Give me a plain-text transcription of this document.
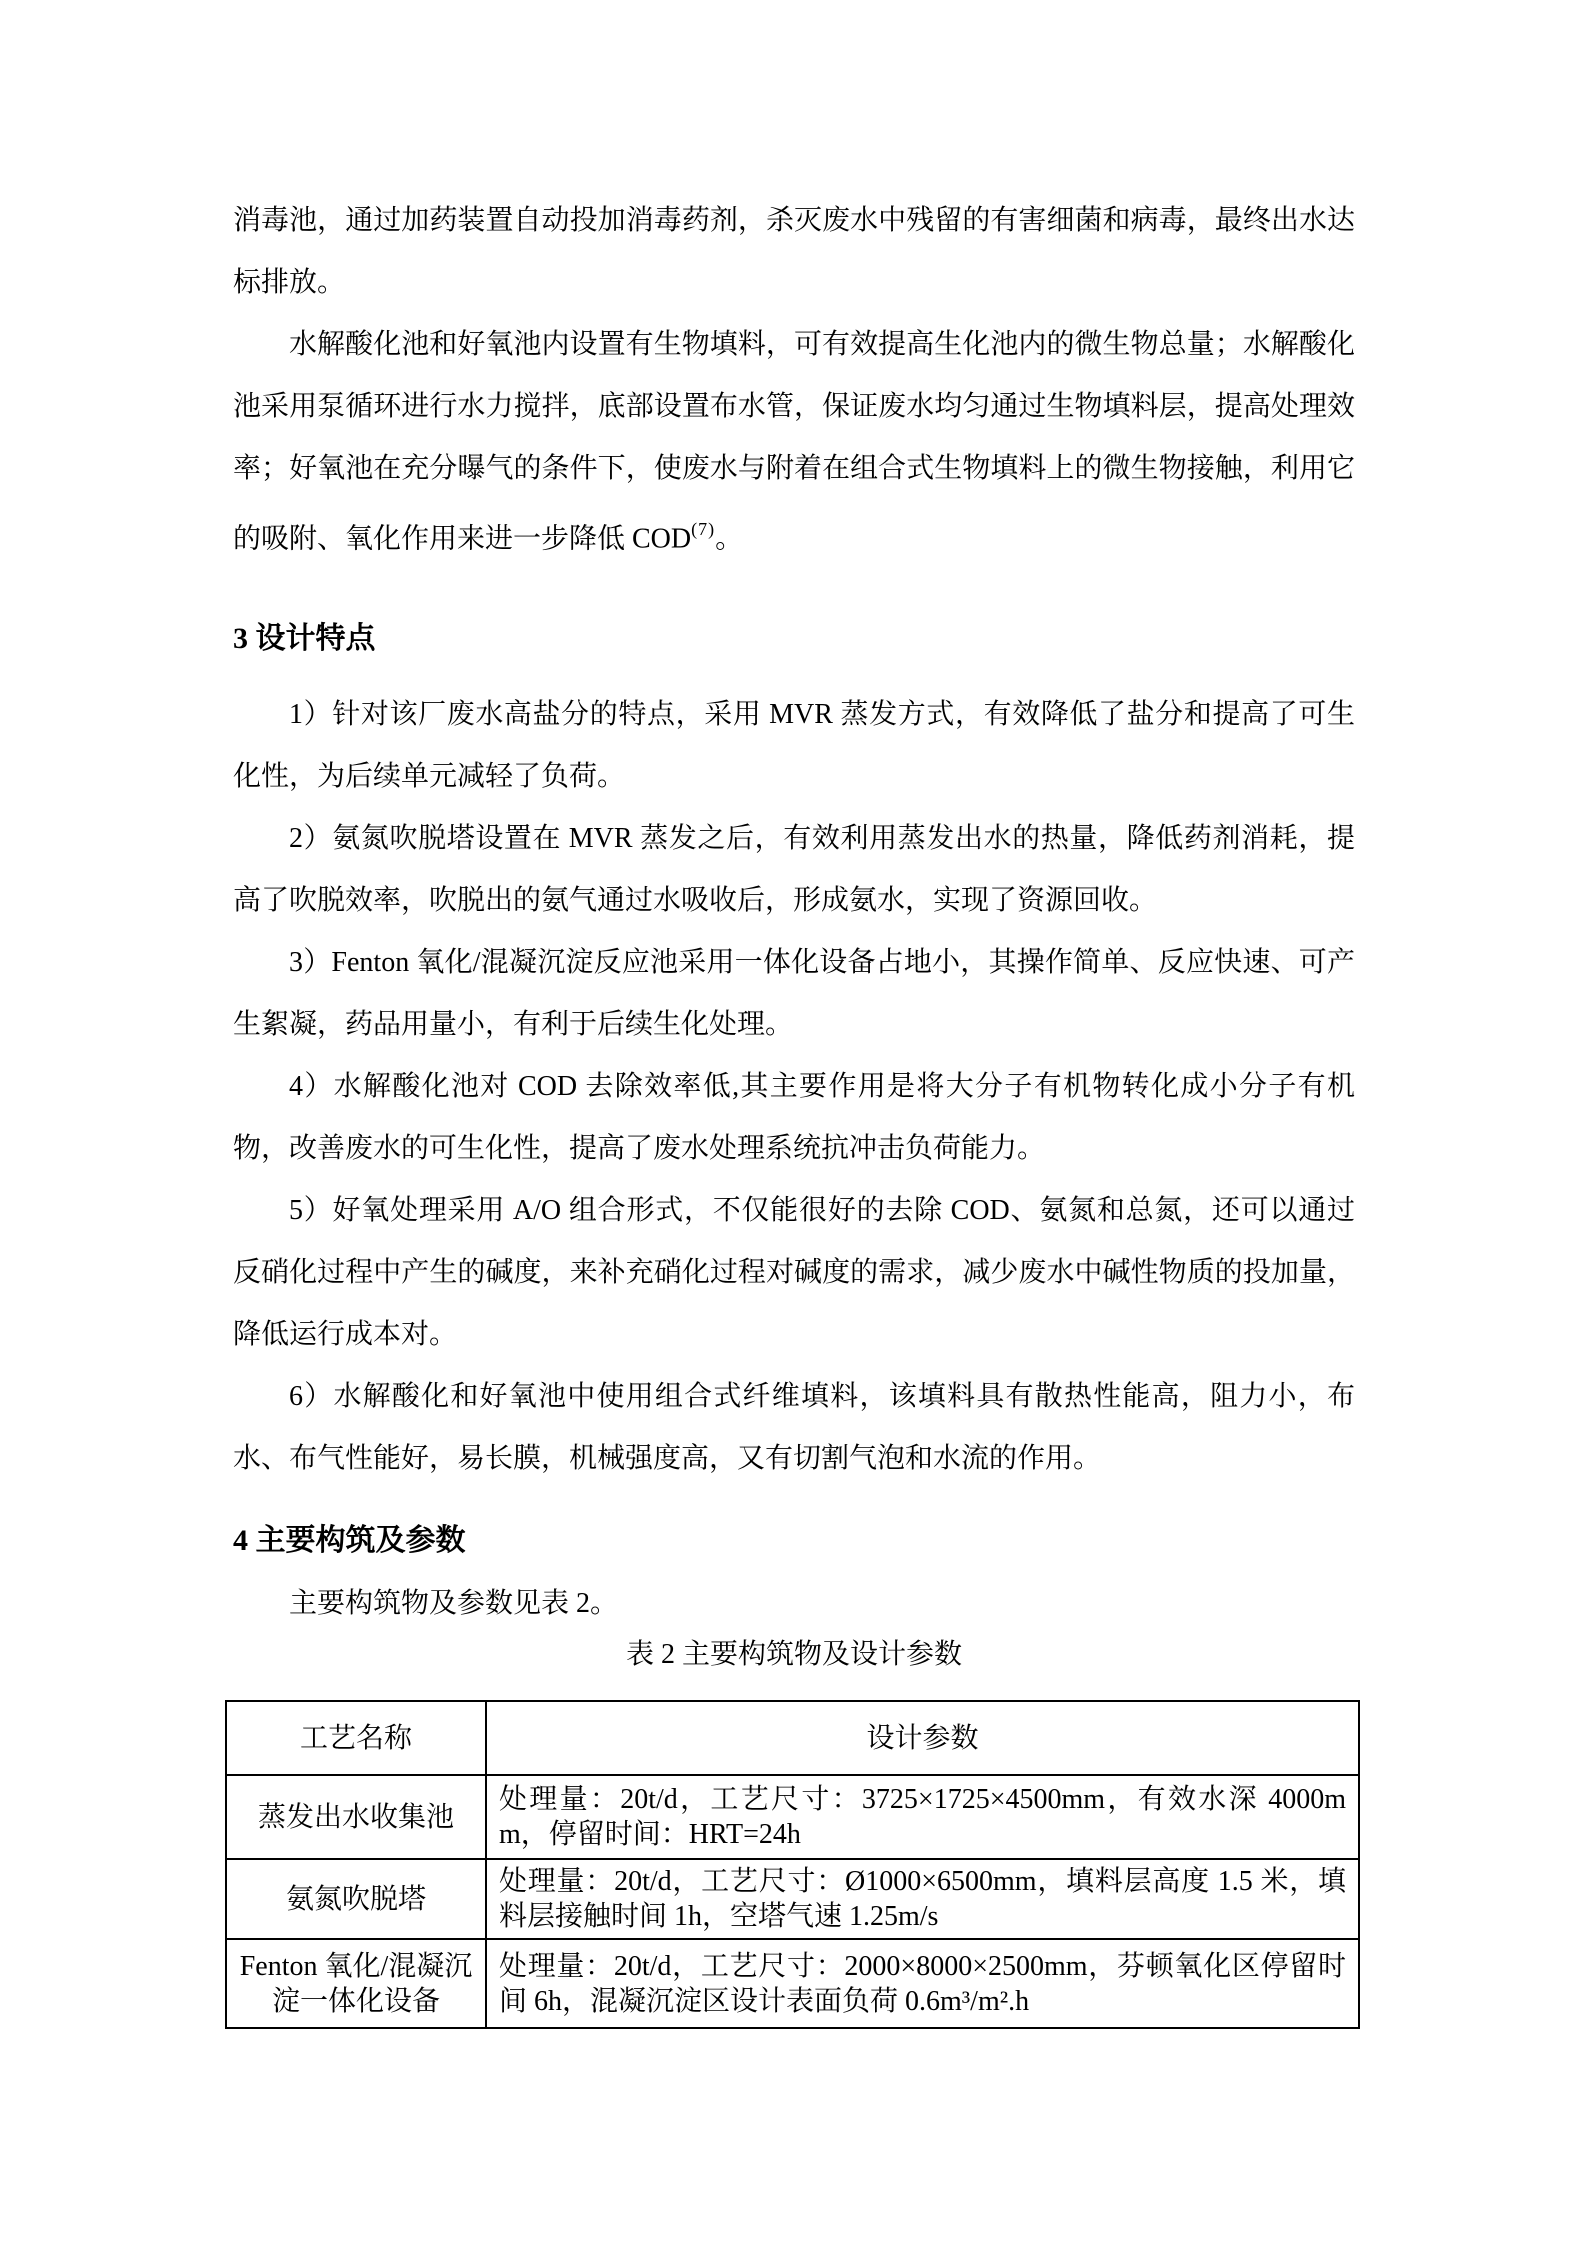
消毒池，通过加药装置自动投加消毒药剂，杀灭废水中残留的有害细菌和病毒，最终出水达标排放。

水解酸化池和好氧池内设置有生物填料，可有效提高生化池内的微生物总量；水解酸化池采用泵循环进行水力搅拌，底部设置布水管，保证废水均匀通过生物填料层，提高处理效率；好氧池在充分曝气的条件下，使废水与附着在组合式生物填料上的微生物接触，利用它的吸附、氧化作用来进一步降低 COD$^{(7)}$。

3 设计特点

1）针对该厂废水高盐分的特点，采用 MVR 蒸发方式，有效降低了盐分和提高了可生化性，为后续单元减轻了负荷。

2）氨氮吹脱塔设置在 MVR 蒸发之后，有效利用蒸发出水的热量，降低药剂消耗，提高了吹脱效率，吹脱出的氨气通过水吸收后，形成氨水，实现了资源回收。

3）Fenton 氧化/混凝沉淀反应池采用一体化设备占地小，其操作简单、反应快速、可产生絮凝，药品用量小，有利于后续生化处理。

4）水解酸化池对 COD 去除效率低,其主要作用是将大分子有机物转化成小分子有机物，改善废水的可生化性，提高了废水处理系统抗冲击负荷能力。

5）好氧处理采用 A/O 组合形式，不仅能很好的去除 COD、氨氮和总氮，还可以通过反硝化过程中产生的碱度，来补充硝化过程对碱度的需求，减少废水中碱性物质的投加量，降低运行成本对。

6）水解酸化和好氧池中使用组合式纤维填料，该填料具有散热性能高，阻力小，布水、布气性能好，易长膜，机械强度高，又有切割气泡和水流的作用。

4 主要构筑及参数

主要构筑物及参数见表 2。

表 2 主要构筑物及设计参数

工艺名称	设计参数
蒸发出水收集池	处理量：20t/d，工艺尺寸：3725×1725×4500mm，有效水深 4000mm，停留时间：HRT=24h
氨氮吹脱塔	处理量：20t/d，工艺尺寸：Ø1000×6500mm，填料层高度 1.5 米，填料层接触时间 1h，空塔气速 1.25m/s
Fenton 氧化/混凝沉淀一体化设备	处理量：20t/d，工艺尺寸：2000×8000×2500mm，芬顿氧化区停留时间 6h，混凝沉淀区设计表面负荷 0.6m³/m².h
